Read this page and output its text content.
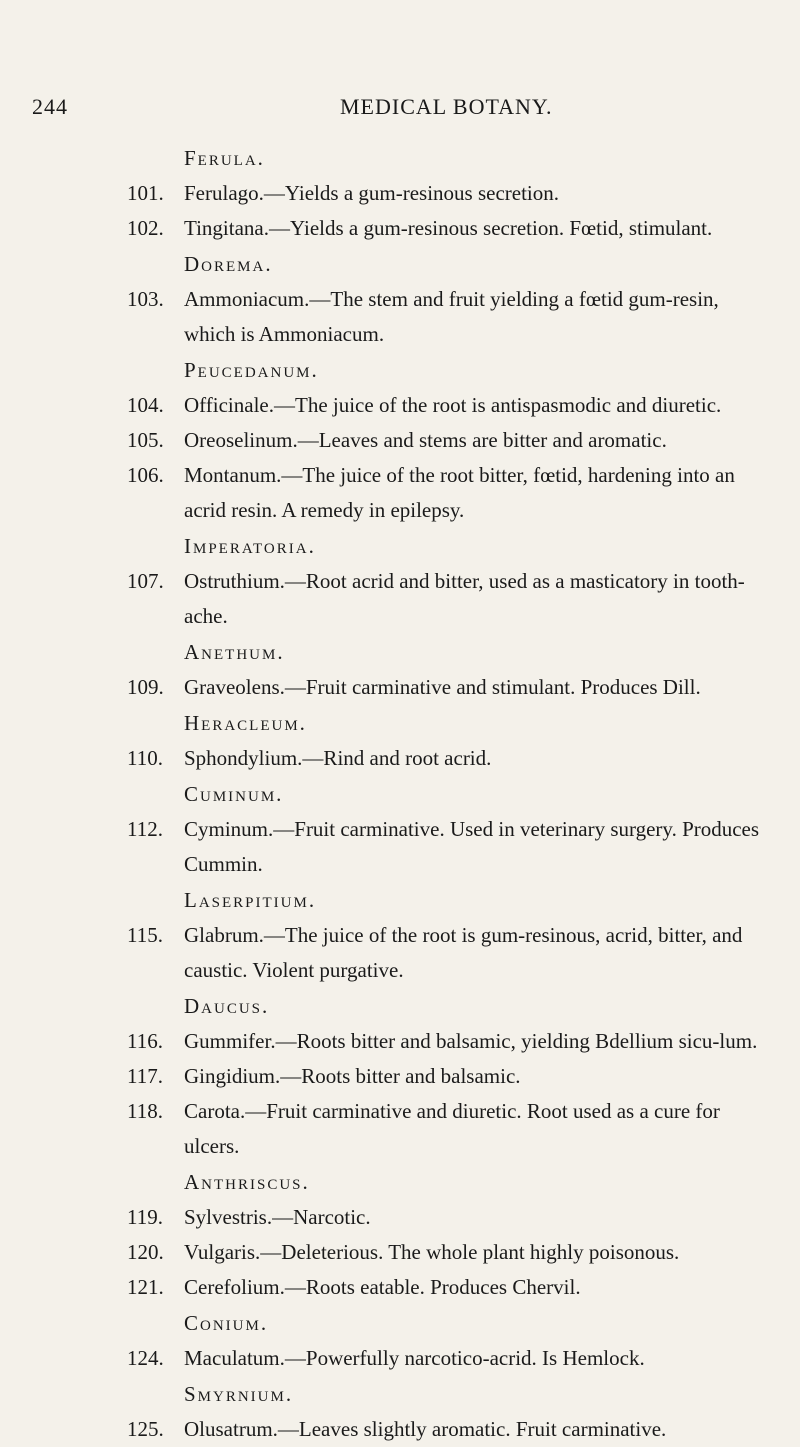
244	MEDICAL BOTANY.
Ferula.
101. Ferulago.—Yields a gum-resinous secretion.
102. Tingitana.—Yields a gum-resinous secretion. Fœtid, stimulant.
Dorema.
103. Ammoniacum.—The stem and fruit yielding a fœtid gum-resin, which is Ammoniacum.
Peucedanum.
104. Officinale.—The juice of the root is antispasmodic and diuretic.
105. Oreoselinum.—Leaves and stems are bitter and aromatic.
106. Montanum.—The juice of the root bitter, fœtid, hardening into an acrid resin. A remedy in epilepsy.
Imperatoria.
107. Ostruthium.—Root acrid and bitter, used as a masticatory in tooth-ache.
Anethum.
109. Graveolens.—Fruit carminative and stimulant. Produces Dill.
Heracleum.
110. Sphondylium.—Rind and root acrid.
Cuminum.
112. Cyminum.—Fruit carminative. Used in veterinary surgery. Produces Cummin.
Laserpitium.
115. Glabrum.—The juice of the root is gum-resinous, acrid, bitter, and caustic. Violent purgative.
Daucus.
116. Gummifer.—Roots bitter and balsamic, yielding Bdellium sicu-lum.
117. Gingidium.—Roots bitter and balsamic.
118. Carota.—Fruit carminative and diuretic. Root used as a cure for ulcers.
Anthriscus.
119. Sylvestris.—Narcotic.
120. Vulgaris.—Deleterious. The whole plant highly poisonous.
121. Cerefolium.—Roots eatable. Produces Chervil.
Conium.
124. Maculatum.—Powerfully narcotico-acrid. Is Hemlock.
Smyrnium.
125. Olusatrum.—Leaves slightly aromatic. Fruit carminative.
